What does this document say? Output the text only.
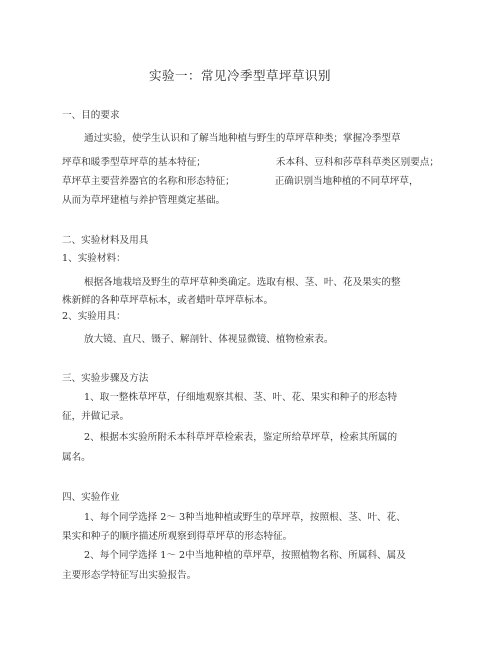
实验一：常见冷季型草坪草识别
一、目的要求
通过实验，使学生认识和了解当地种植与野生的草坪草种类；掌握冷季型草
坪草和暖季型草坪草的基本特征；	禾本科、豆科和莎草科草类区别要点；
草坪草主要营养器官的名称和形态特征；	正确识别当地种植的不同草坪草，
从而为草坪建植与养护管理奠定基础。
二、实验材料及用具
1、实验材料：
根据各地栽培及野生的草坪草种类确定。选取有根、茎、叶、花及果实的整
株新鲜的各种草坪草标本，或者蜡叶草坪草标本。
2、实验用具：
放大镜、直尺、镊子、解剖针、体视显微镜、植物检索表。
三、实验步骤及方法
1、取一整株草坪草，仔细地观察其根、茎、叶、花、果实和种子的形态特
征，并做记录。
2、根据本实验所附禾本科草坪草检索表，鉴定所给草坪草，检索其所属的
属名。
四、实验作业
1、每个同学选择 2～ 3种当地种植或野生的草坪草，按照根、茎、叶、花、
果实和种子的顺序描述所观察到得草坪草的形态特征。
2、每个同学选择 1～ 2中当地种植的草坪草，按照植物名称、所属科、属及
主要形态学特征写出实验报告。
